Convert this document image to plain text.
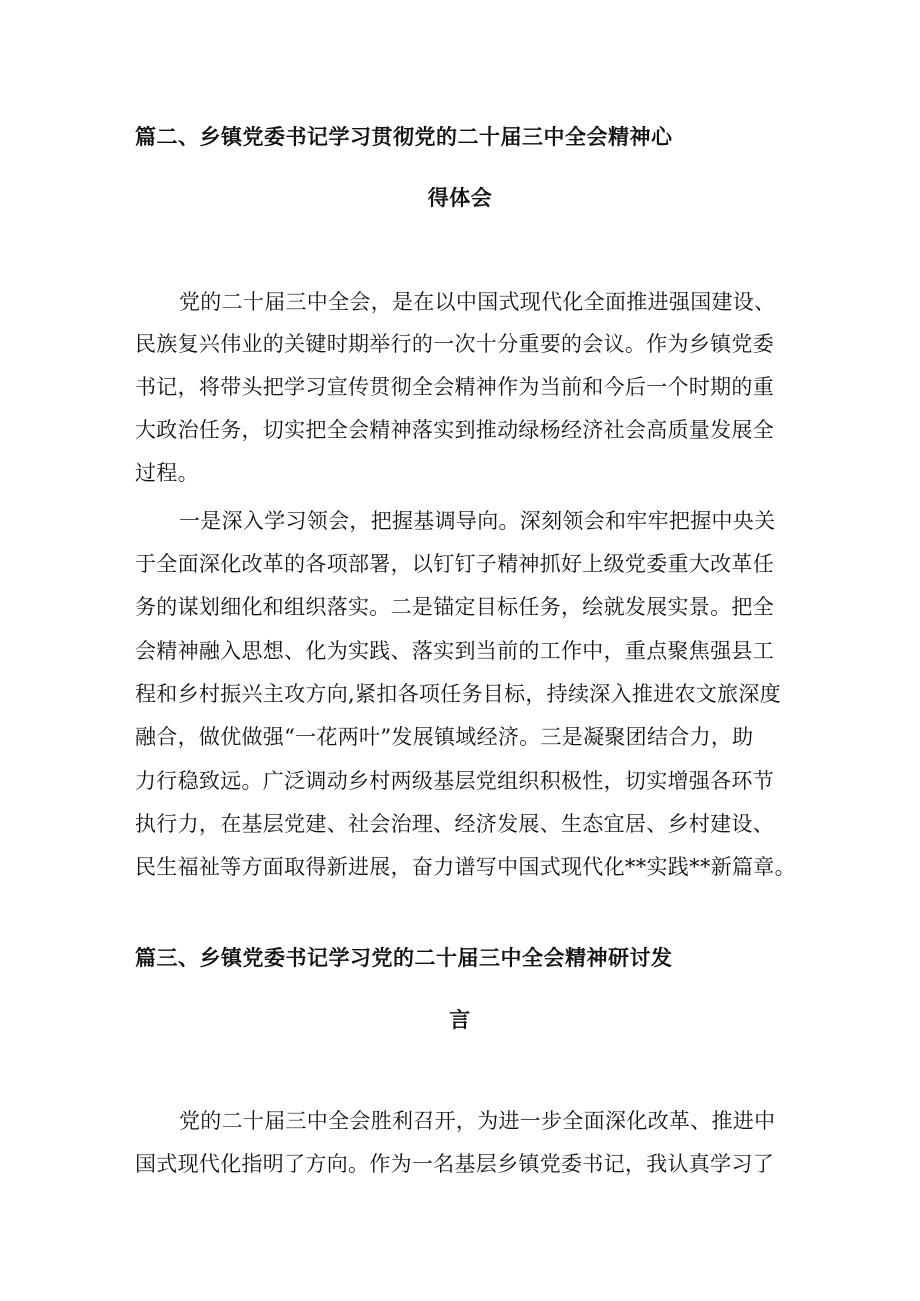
篇二、乡镇党委书记学习贯彻党的二十届三中全会精神心
得体会
党的二十届三中全会，是在以中国式现代化全面推进强国建设、
民族复兴伟业的关键时期举行的一次十分重要的会议。作为乡镇党委
书记，将带头把学习宣传贯彻全会精神作为当前和今后一个时期的重
大政治任务，切实把全会精神落实到推动绿杨经济社会高质量发展全
过程。
一是深入学习领会，把握基调导向。深刻领会和牢牢把握中央关
于全面深化改革的各项部署，以钉钉子精神抓好上级党委重大改革任
务的谋划细化和组织落实。二是锚定目标任务，绘就发展实景。把全
会精神融入思想、化为实践、落实到当前的工作中，重点聚焦强县工
程和乡村振兴主攻方向,紧扣各项任务目标，持续深入推进农文旅深度
融合，做优做强“一花两叶”发展镇域经济。三是凝聚团结合力，助
力行稳致远。广泛调动乡村两级基层党组织积极性，切实增强各环节
执行力，在基层党建、社会治理、经济发展、生态宜居、乡村建设、
民生福祉等方面取得新进展，奋力谱写中国式现代化**实践**新篇章。
篇三、乡镇党委书记学习党的二十届三中全会精神研讨发
言
党的二十届三中全会胜利召开，为进一步全面深化改革、推进中
国式现代化指明了方向。作为一名基层乡镇党委书记，我认真学习了
